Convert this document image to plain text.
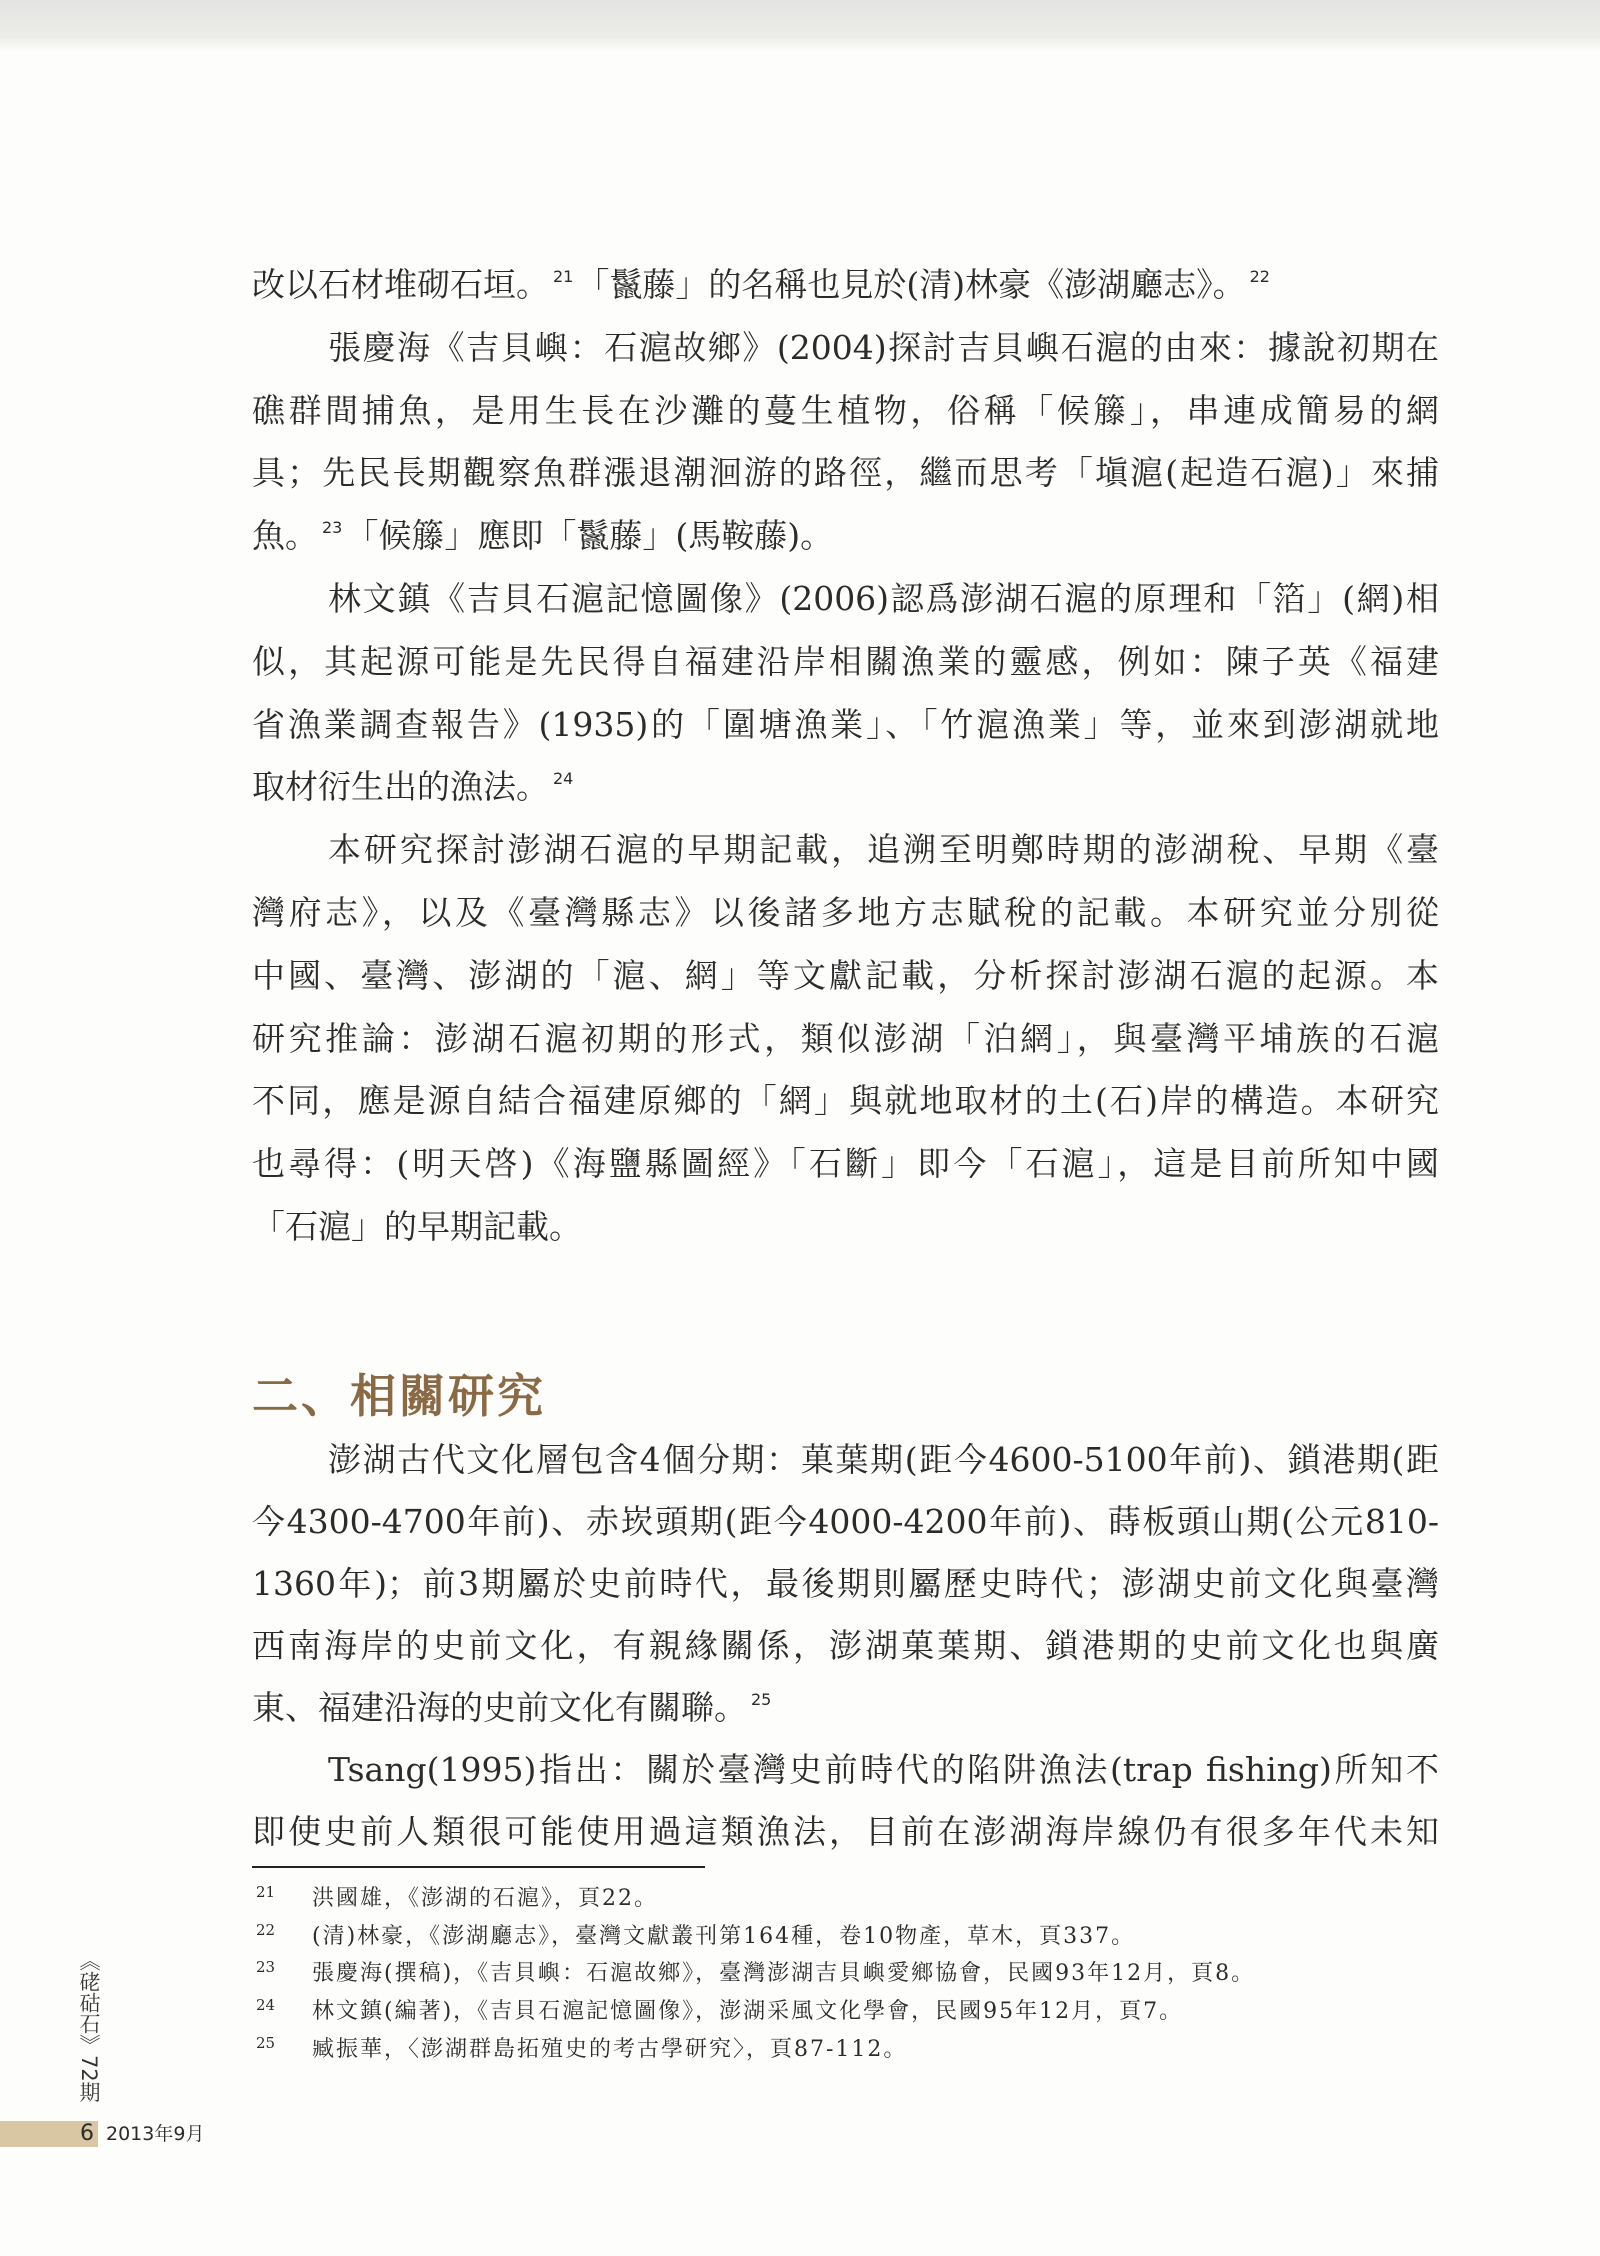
改以石材堆砌石垣。 $^{21}$「鬣藤」的名稱也見於(清)林豪《澎湖廳志》。 $^{22}$
張慶海《吉貝嶼：石滬故鄉》(2004)探討吉貝嶼石滬的由來：據說初期在
礁群間捕魚，是用生長在沙灘的蔓生植物，俗稱「候籐」，串連成簡易的網
具；先民長期觀察魚群漲退潮洄游的路徑，繼而思考「塡滬(起造石滬)」來捕
魚。 $^{23}$「候籐」應即「鬣藤」(馬鞍藤)。
林文鎮《吉貝石滬記憶圖像》(2006)認爲澎湖石滬的原理和「箔」(網)相
似，其起源可能是先民得自福建沿岸相關漁業的靈感，例如：陳子英《福建
省漁業調查報告》(1935)的「圍塘漁業」、「竹滬漁業」等，並來到澎湖就地
取材衍生出的漁法。 $^{24}$
本研究探討澎湖石滬的早期記載，追溯至明鄭時期的澎湖稅、早期《臺
灣府志》，以及《臺灣縣志》以後諸多地方志賦稅的記載。本研究並分別從
中國、臺灣、澎湖的「滬、網」等文獻記載，分析探討澎湖石滬的起源。本
研究推論：澎湖石滬初期的形式，類似澎湖「泊網」，與臺灣平埔族的石滬
不同，應是源自結合福建原鄉的「網」與就地取材的土(石)岸的構造。本研究
也尋得：(明天啓)《海鹽縣圖經》「石斷」即今「石滬」，這是目前所知中國
「石滬」的早期記載。
二、相關研究
澎湖古代文化層包含4個分期：菓葉期(距今4600-5100年前)、鎖港期(距
今4300-4700年前)、赤崁頭期(距今4000-4200年前)、蒔板頭山期(公元810-
1360年)；前3期屬於史前時代，最後期則屬歷史時代；澎湖史前文化與臺灣
西南海岸的史前文化，有親緣關係，澎湖菓葉期、鎖港期的史前文化也與廣
東、福建沿海的史前文化有關聯。 $^{25}$
Tsang(1995)指出：關於臺灣史前時代的陷阱漁法(trap fishing)所知不
即使史前人類很可能使用過這類漁法，目前在澎湖海岸線仍有很多年代未知
21 洪國雄，《澎湖的石滬》，頁22。
22 (清)林豪，《澎湖廳志》，臺灣文獻叢刊第164種，卷10物產，草木，頁337。
23 張慶海(撰稿)，《吉貝嶼：石滬故鄉》，臺灣澎湖吉貝嶼愛鄉協會，民國93年12月，頁8。
24 林文鎮(編著)，《吉貝石滬記憶圖像》，澎湖采風文化學會，民國95年12月，頁7。
25 臧振華，〈澎湖群島拓殖史的考古學研究〉，頁87-112。
《硓𥑮石》72期
6 2013年9月
